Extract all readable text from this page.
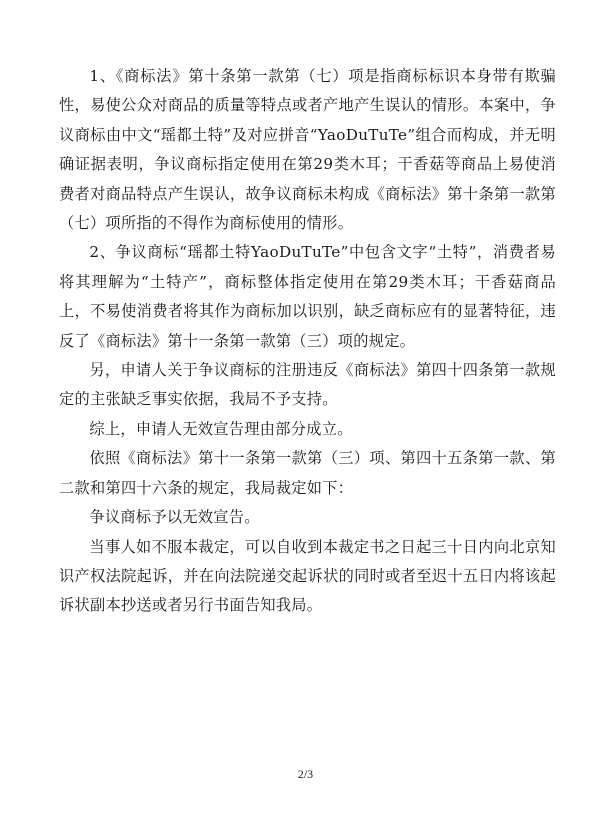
1、《商标法》第十条第一款第（七）项是指商标标识本身带有欺骗性，易使公众对商品的质量等特点或者产地产生误认的情形。本案中，争议商标由中文“瑶都土特”及对应拼音“YaoDuTuTe”组合而构成，并无明确证据表明，争议商标指定使用在第29类木耳；干香菇等商品上易使消费者对商品特点产生误认，故争议商标未构成《商标法》第十条第一款第（七）项所指的不得作为商标使用的情形。

2、争议商标“瑶都土特YaoDuTuTe”中包含文字“土特”，消费者易将其理解为“土特产”，商标整体指定使用在第29类木耳；干香菇商品上，不易使消费者将其作为商标加以识别，缺乏商标应有的显著特征，违反了《商标法》第十一条第一款第（三）项的规定。

另，申请人关于争议商标的注册违反《商标法》第四十四条第一款规定的主张缺乏事实依据，我局不予支持。

综上，申请人无效宣告理由部分成立。

依照《商标法》第十一条第一款第（三）项、第四十五条第一款、第二款和第四十六条的规定，我局裁定如下：

争议商标予以无效宣告。

当事人如不服本裁定，可以自收到本裁定书之日起三十日内向北京知识产权法院起诉，并在向法院递交起诉状的同时或者至迟十五日内将该起诉状副本抄送或者另行书面告知我局。

2/3
